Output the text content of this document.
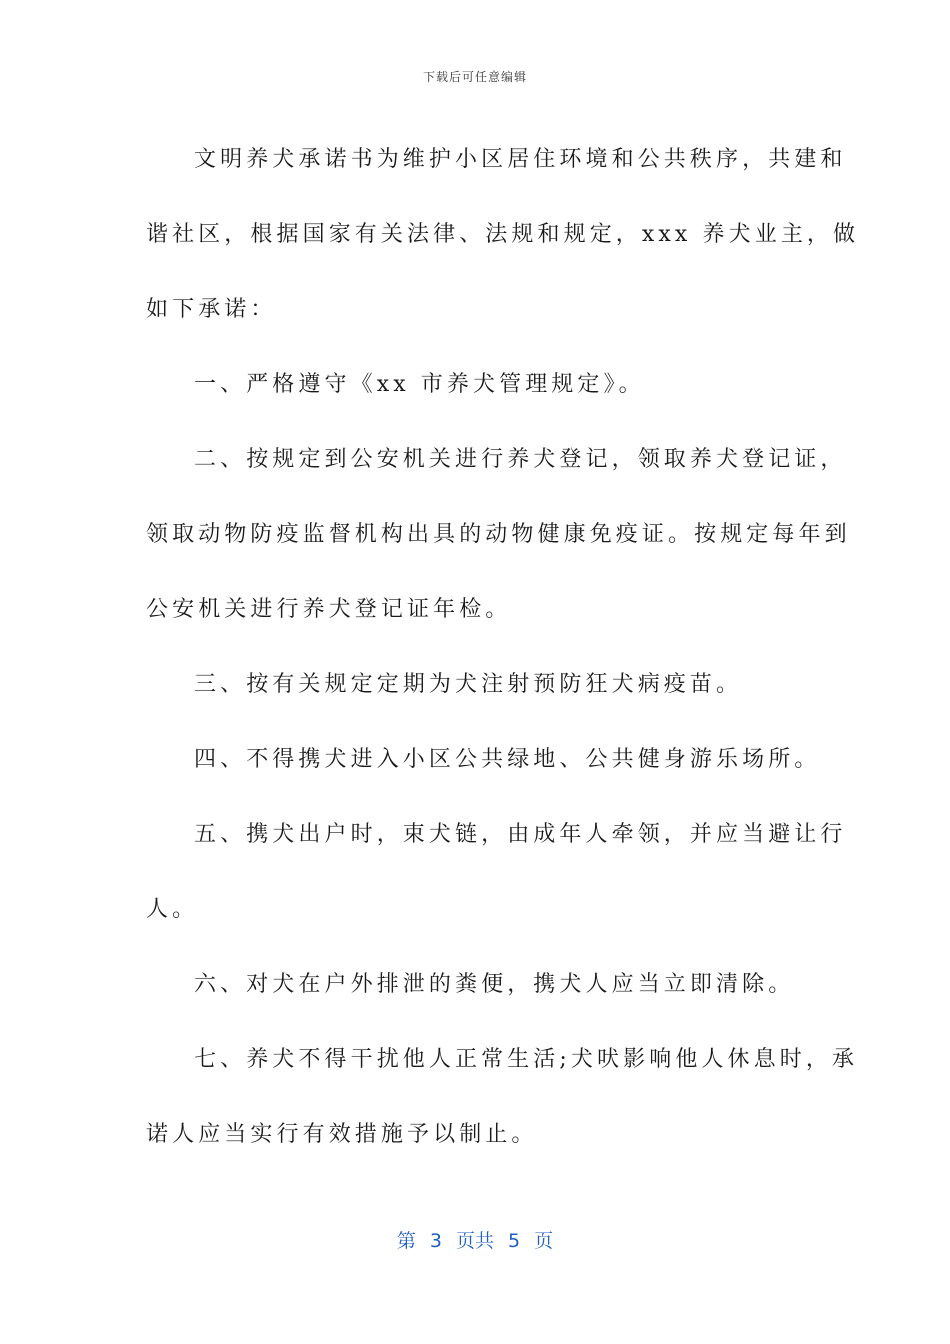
下载后可任意编辑
文明养犬承诺书为维护小区居住环境和公共秩序，共建和
谐社区，根据国家有关法律、法规和规定，xxx 养犬业主，做
如下承诺：
一、严格遵守《xx 市养犬管理规定》。
二、按规定到公安机关进行养犬登记，领取养犬登记证，
领取动物防疫监督机构出具的动物健康免疫证。按规定每年到
公安机关进行养犬登记证年检。
三、按有关规定定期为犬注射预防狂犬病疫苗。
四、不得携犬进入小区公共绿地、公共健身游乐场所。
五、携犬出户时，束犬链，由成年人牵领，并应当避让行
人。
六、对犬在户外排泄的粪便，携犬人应当立即清除。
七、养犬不得干扰他人正常生活;犬吠影响他人休息时，承
诺人应当实行有效措施予以制止。
第 3 页共 5 页
